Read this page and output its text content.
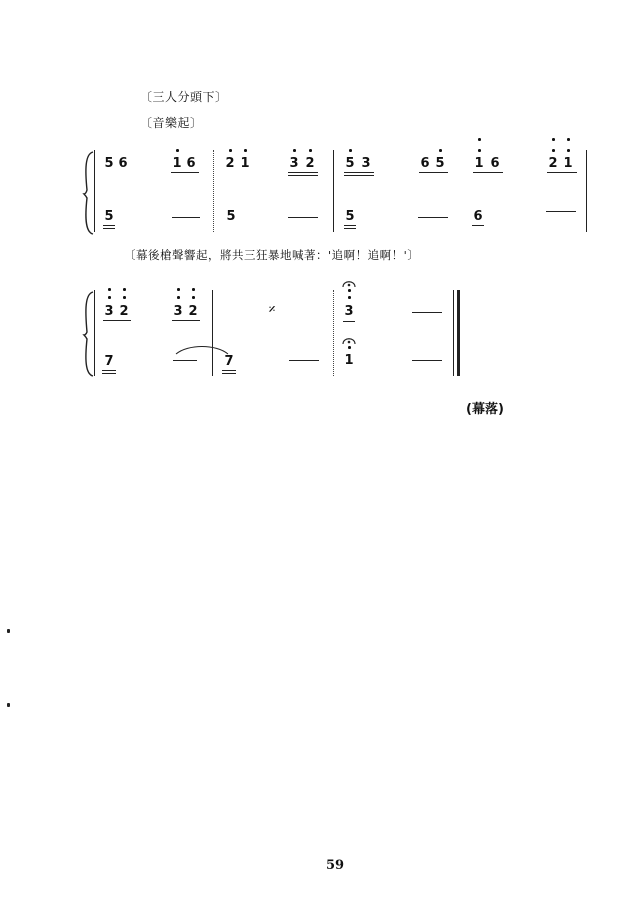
〔三人分頭下〕
〔音樂起〕
5 6	1 6 2 1	3 2 5 3	6 5 1 6	2 1
5	5	5	6
〔幕後槍聲響起，將共三狂暴地喊著：'追啊！追啊！'〕
3 2	3 2	𝄎	3
7	7	1
(幕落)
59
